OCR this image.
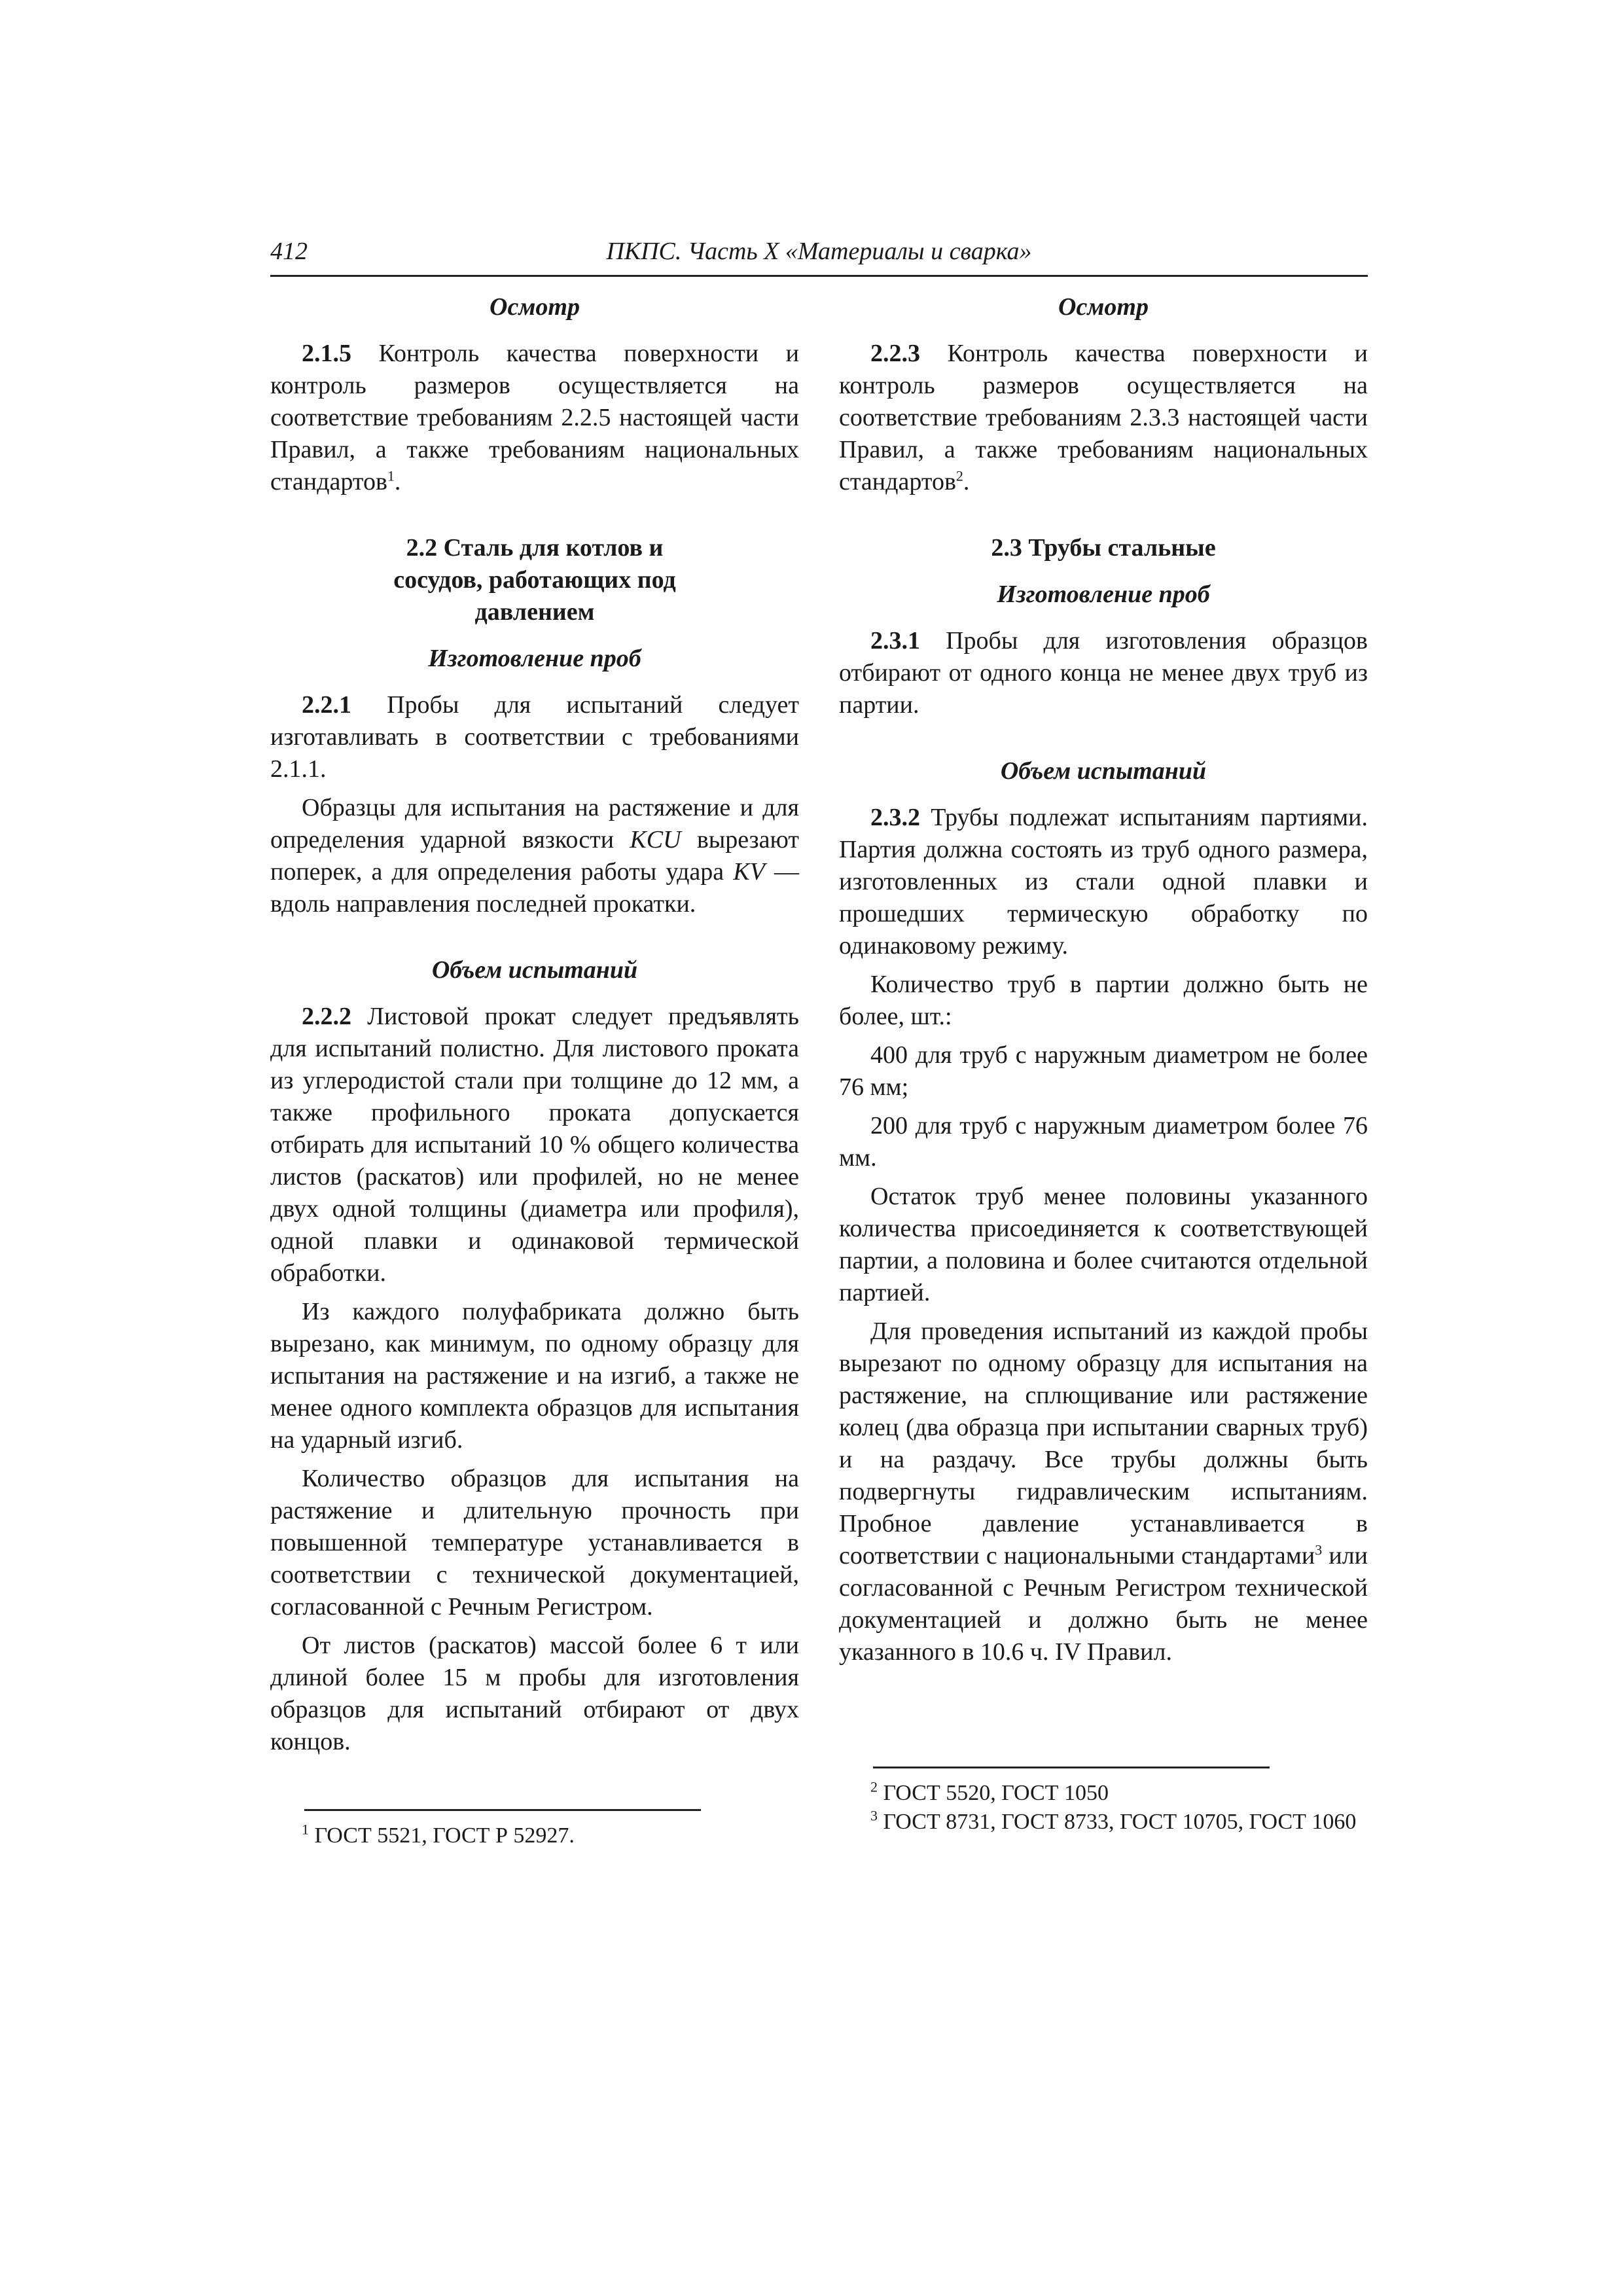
412	ПКПС. Часть X «Материалы и сварка»
Осмотр

2.1.5 Контроль качества поверхности и контроль размеров осуществляется на соответствие требованиям 2.2.5 настоящей части Правил, а также требованиям национальных стандартов$^1$.

2.2 Сталь для котлов и сосудов, работающих под давлением
Изготовление проб

2.2.1 Пробы для испытаний следует изготавливать в соответствии с требованиями 2.1.1.

Образцы для испытания на растяжение и для определения ударной вязкости KCU вырезают поперек, а для определения работы удара KV — вдоль направления последней прокатки.

Объем испытаний

2.2.2 Листовой прокат следует предъявлять для испытаний полистно. Для листового проката из углеродистой стали при толщине до 12 мм, а также профильного проката допускается отбирать для испытаний 10 % общего количества листов (раскатов) или профилей, но не менее двух одной толщины (диаметра или профиля), одной плавки и одинаковой термической обработки.

Из каждого полуфабриката должно быть вырезано, как минимум, по одному образцу для испытания на растяжение и на изгиб, а также не менее одного комплекта образцов для испытания на ударный изгиб.

Количество образцов для испытания на растяжение и длительную прочность при повышенной температуре устанавливается в соответствии с технической документацией, согласованной с Речным Регистром.

От листов (раскатов) массой более 6 т или длиной более 15 м пробы для изготовления образцов для испытаний отбирают от двух концов.

$^1$ ГОСТ 5521, ГОСТ Р 52927.

Осмотр

2.2.3 Контроль качества поверхности и контроль размеров осуществляется на соответствие требованиям 2.3.3 настоящей части Правил, а также требованиям национальных стандартов$^2$.

2.3 Трубы стальные
Изготовление проб

2.3.1 Пробы для изготовления образцов отбирают от одного конца не менее двух труб из партии.

Объем испытаний

2.3.2 Трубы подлежат испытаниям партиями. Партия должна состоять из труб одного размера, изготовленных из стали одной плавки и прошедших термическую обработку по одинаковому режиму.

Количество труб в партии должно быть не более, шт.:

400 для труб с наружным диаметром не более 76 мм;

200 для труб с наружным диаметром более 76 мм.

Остаток труб менее половины указанного количества присоединяется к соответствующей партии, а половина и более считаются отдельной партией.

Для проведения испытаний из каждой пробы вырезают по одному образцу для испытания на растяжение, на сплющивание или растяжение колец (два образца при испытании сварных труб) и на раздачу. Все трубы должны быть подвергнуты гидравлическим испытаниям. Пробное давление устанавливается в соответствии с национальными стандартами$^3$ или согласованной с Речным Регистром технической документацией и должно быть не менее указанного в 10.6 ч. IV Правил.

$^2$ ГОСТ 5520, ГОСТ 1050

$^3$ ГОСТ 8731, ГОСТ 8733, ГОСТ 10705, ГОСТ 1060
